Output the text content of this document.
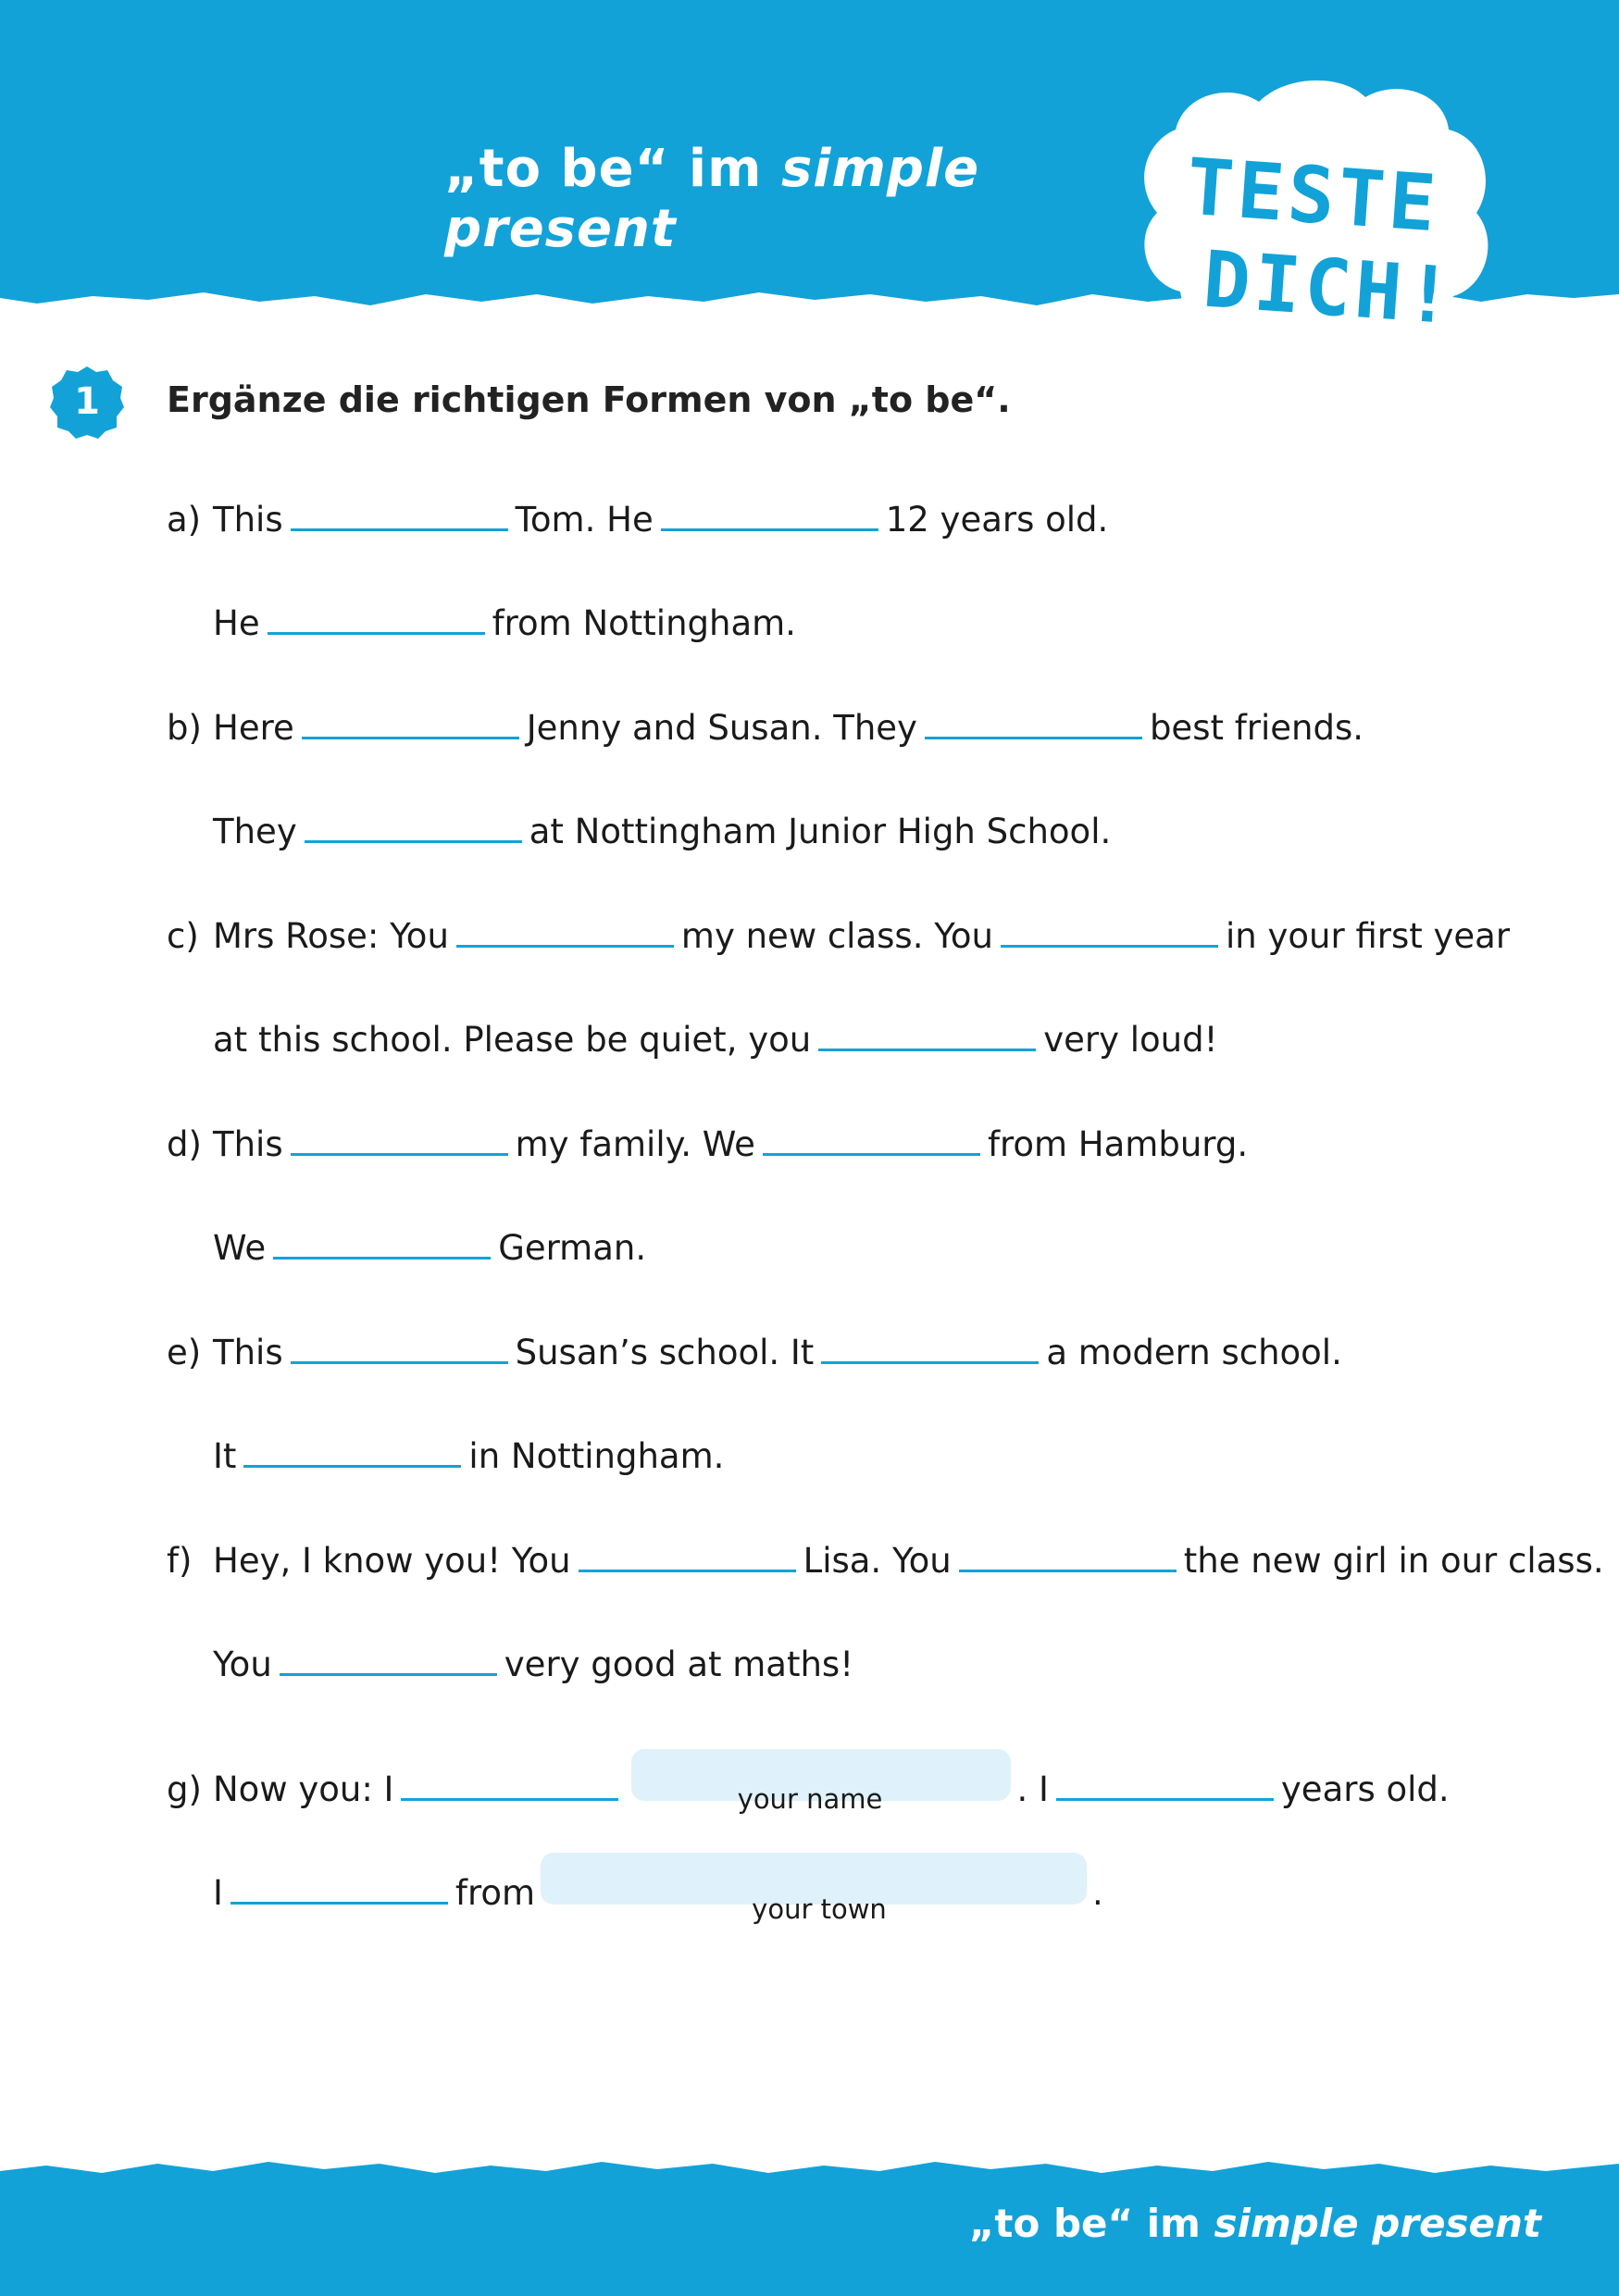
TESTE
DICH!
„to be“ im simple present
1	Ergänze die richtigen Formen von „to be“.
a) This	Tom. He	12 years old.
He	from Nottingham.
b) Here	Jenny and Susan. They	best friends.
They	at Nottingham Junior High School.
c) Mrs Rose: You	my new class. You	in your first year
at this school. Please be quiet, you	very loud!
d) This	my family. We	from Hamburg.
We	German.
e) This	Susan’s school. It	a modern school.
It	in Nottingham.
f) Hey, I know you! You	Lisa. You	the new girl in our class.
You	very good at maths!
g) Now you: I	. I	years old.
your name
I	from	.
your town
„to be“ im simple present
